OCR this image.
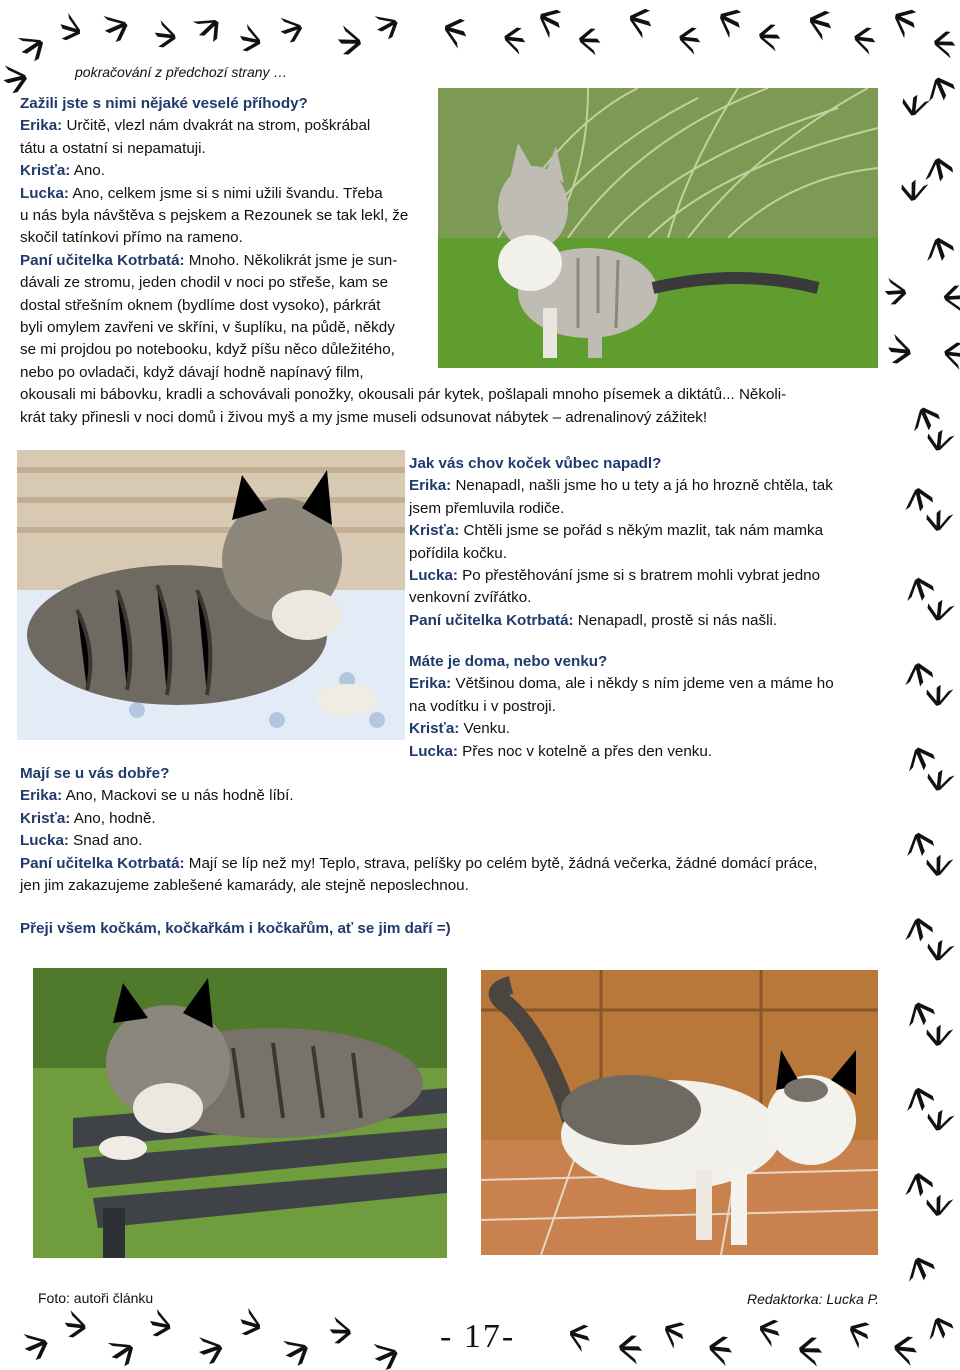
pokračování z předchozí strany …

Zažili jste s nimi nějaké veselé příhody?

Erika: Určitě, vlezl nám dvakrát na strom, poškrábal

tátu a ostatní si nepamatuji.

Krisťa: Ano.

Lucka: Ano, celkem jsme si s nimi užili švandu. Třeba

u nás byla návštěva s pejskem a Rezounek se tak lekl, že

skočil tatínkovi přímo na rameno.

Paní učitelka Kotrbatá: Mnoho. Několikrát jsme je sun-

dávali ze stromu, jeden chodil v noci po střeše, kam se

dostal střešním oknem (bydlíme dost vysoko), párkrát

byli omylem zavřeni ve skříni, v šuplíku, na půdě, někdy

se mi projdou po notebooku, když píšu něco důležitého,

nebo po ovladači, když dávají hodně napínavý film,

okousali mi bábovku, kradli a schovávali ponožky, okousali pár kytek, pošlapali mnoho písemek a diktátů... Několi-

krát taky přinesli v noci domů i živou myš a my jsme museli odsunovat nábytek – adrenalinový zážitek!

Jak vás chov koček vůbec napadl?

Erika: Nenapadl, našli jsme ho u tety a já ho hrozně chtěla, tak

jsem přemluvila rodiče.

Krisťa: Chtěli jsme se pořád s někým mazlit, tak nám mamka

pořídila kočku.

Lucka: Po přestěhování jsme si s bratrem mohli vybrat jedno

venkovní zvířátko.

Paní učitelka Kotrbatá: Nenapadl, prostě si nás našli.

Máte je doma, nebo venku?

Erika: Většinou doma, ale i někdy s ním jdeme ven a máme ho

na vodítku i v postroji.

Krisťa: Venku.

Lucka: Přes noc v kotelně a přes den venku.

Mají se u vás dobře?

Erika: Ano, Mackovi se u nás hodně líbí.

Krisťa: Ano, hodně.

Lucka: Snad ano.

Paní učitelka Kotrbatá: Mají se líp než my! Teplo, strava, pelíšky po celém bytě, žádná večerka, žádné domácí práce,

jen jim zakazujeme zablešené kamarády, ale stejně neposlechnou.

Přeji všem kočkám, kočkařkám i kočkařům, ať se jim daří =)
Foto: autoři článku	Redaktorka: Lucka P.
- 17-
